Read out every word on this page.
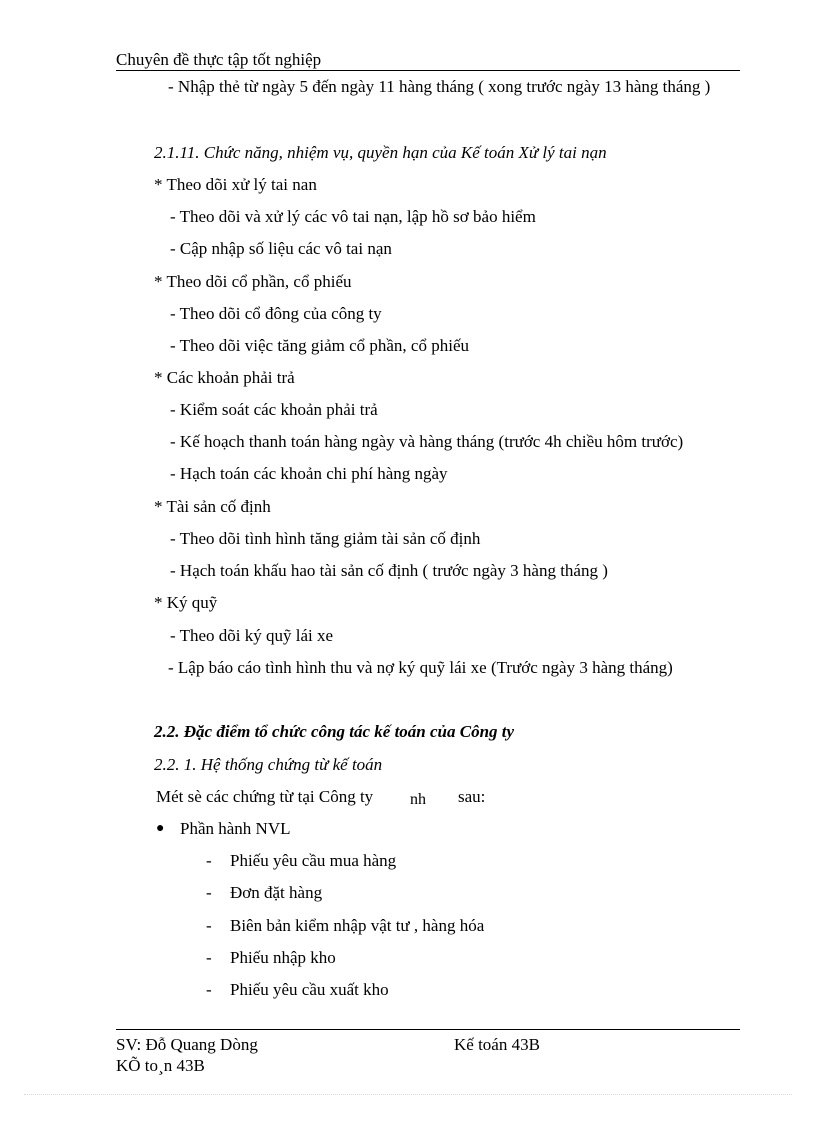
Chuyên đề thực tập tốt nghiệp
- Nhập thẻ từ ngày 5 đến ngày 11 hàng tháng ( xong trước ngày 13 hàng tháng )
2.1.11. Chức năng, nhiệm vụ, quyền hạn của Kế toán Xử lý tai nạn
* Theo dõi xử lý tai nan
- Theo dõi và xử lý các vô tai nạn, lập hồ sơ bảo hiểm
- Cập nhập số liệu các vô tai nạn
* Theo dõi cổ phần, cổ phiếu
- Theo dõi cổ đông của công ty
- Theo dõi việc tăng giảm cổ phần, cổ phiếu
* Các khoản phải trả
- Kiểm soát các khoản phải trả
- Kế hoạch thanh toán hàng ngày và hàng tháng (trước 4h chiều hôm trước)
- Hạch toán các khoản chi phí hàng ngày
* Tài sản cố định
- Theo dõi tình hình tăng giảm tài sản cố định
- Hạch toán khấu hao tài sản cố định ( trước ngày 3 hàng tháng )
* Ký quỹ
- Theo dõi ký quỹ lái xe
- Lập báo cáo tình hình thu và nợ ký quỹ lái xe (Trước ngày 3 hàng tháng)
2.2. Đặc điểm tổ chức công tác kế toán của Công ty
2.2. 1. Hệ thống chứng từ kế toán
Mét sè các chứng từ tại Công ty nh sau:
● Phần hành NVL
- Phiếu yêu cầu mua hàng
- Đơn đặt hàng
- Biên bản kiểm nhập vật tư , hàng hóa
- Phiếu nhập kho
- Phiếu yêu cầu xuất kho
SV: Đỗ Quang Dòng	Kế toán 43B
KÕ to¸n 43B
